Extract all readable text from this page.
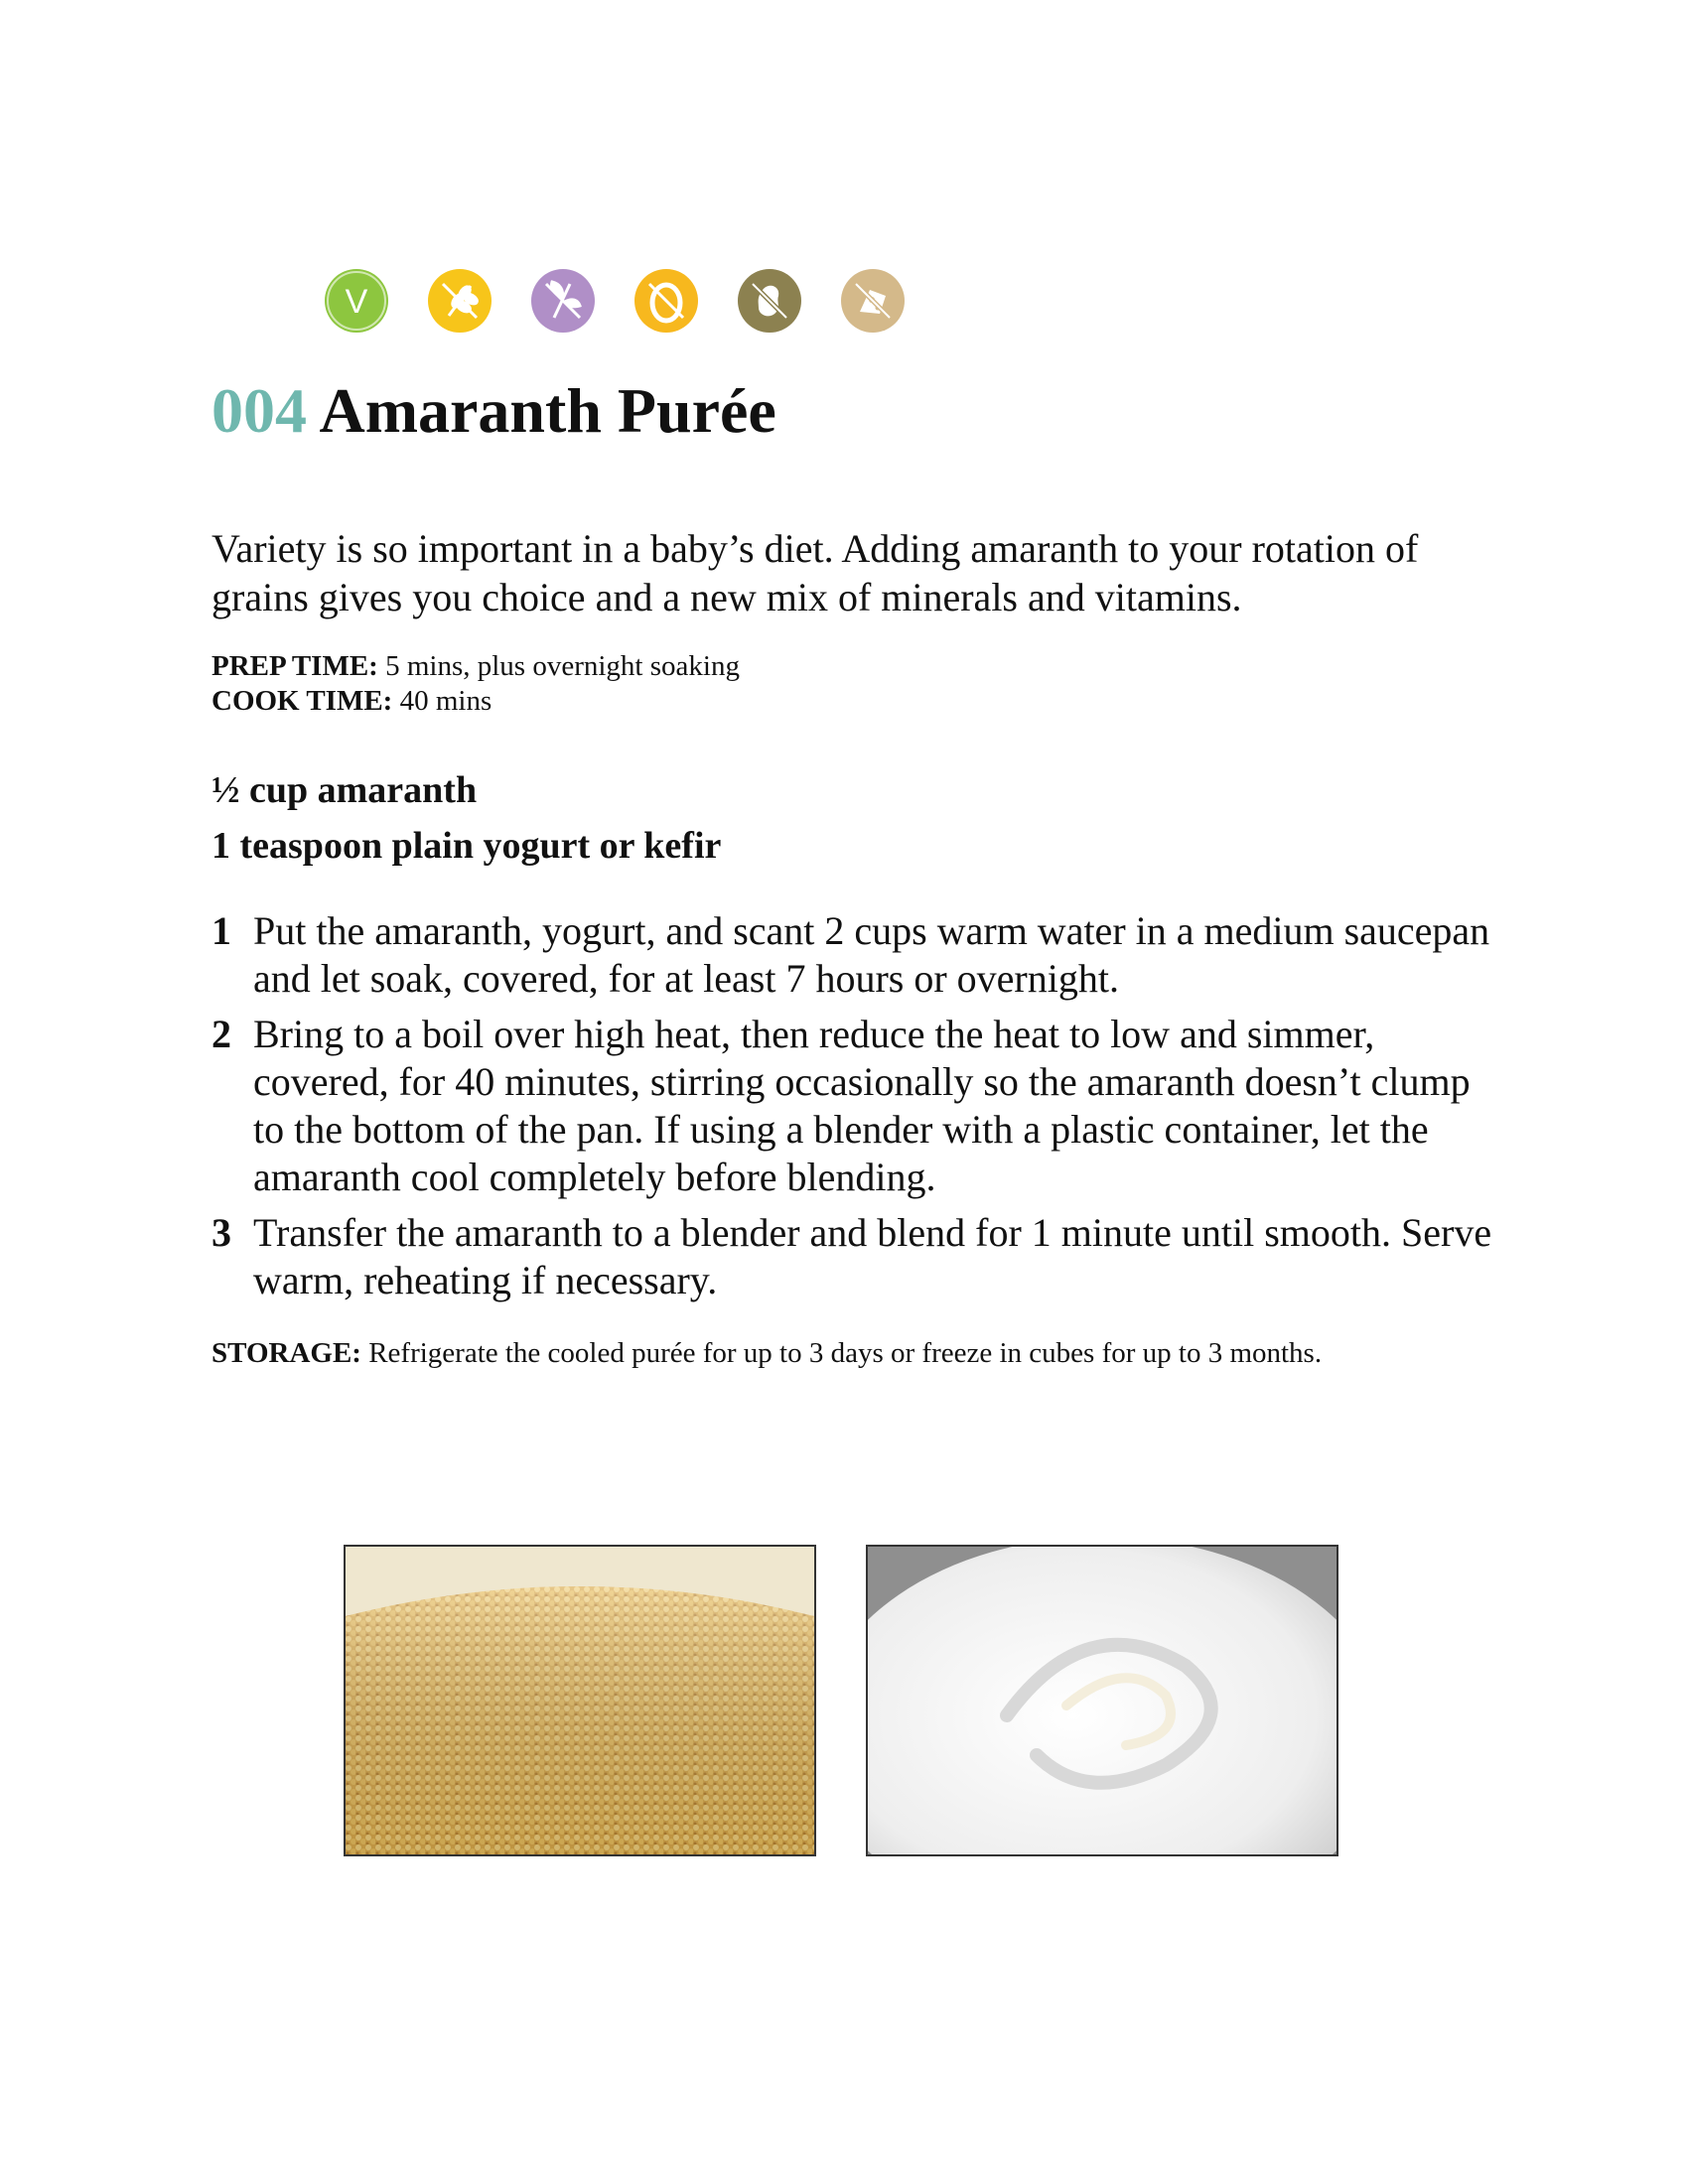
V
004 Amaranth Purée

Variety is so important in a baby’s diet. Adding amaranth to your rotation of grains gives you choice and a new mix of minerals and vitamins.

PREP TIME: 5 mins, plus overnight soaking
COOK TIME: 40 mins
½ cup amaranth
1 teaspoon plain yogurt or kefir
1 Put the amaranth, yogurt, and scant 2 cups warm water in a medium saucepan and let soak, covered, for at least 7 hours or overnight.
2 Bring to a boil over high heat, then reduce the heat to low and simmer, covered, for 40 minutes, stirring occasionally so the amaranth doesn’t clump to the bottom of the pan. If using a blender with a plastic container, let the amaranth cool completely before blending.
3 Transfer the amaranth to a blender and blend for 1 minute until smooth. Serve warm, reheating if necessary.
STORAGE: Refrigerate the cooled purée for up to 3 days or freeze in cubes for up to 3 months.
